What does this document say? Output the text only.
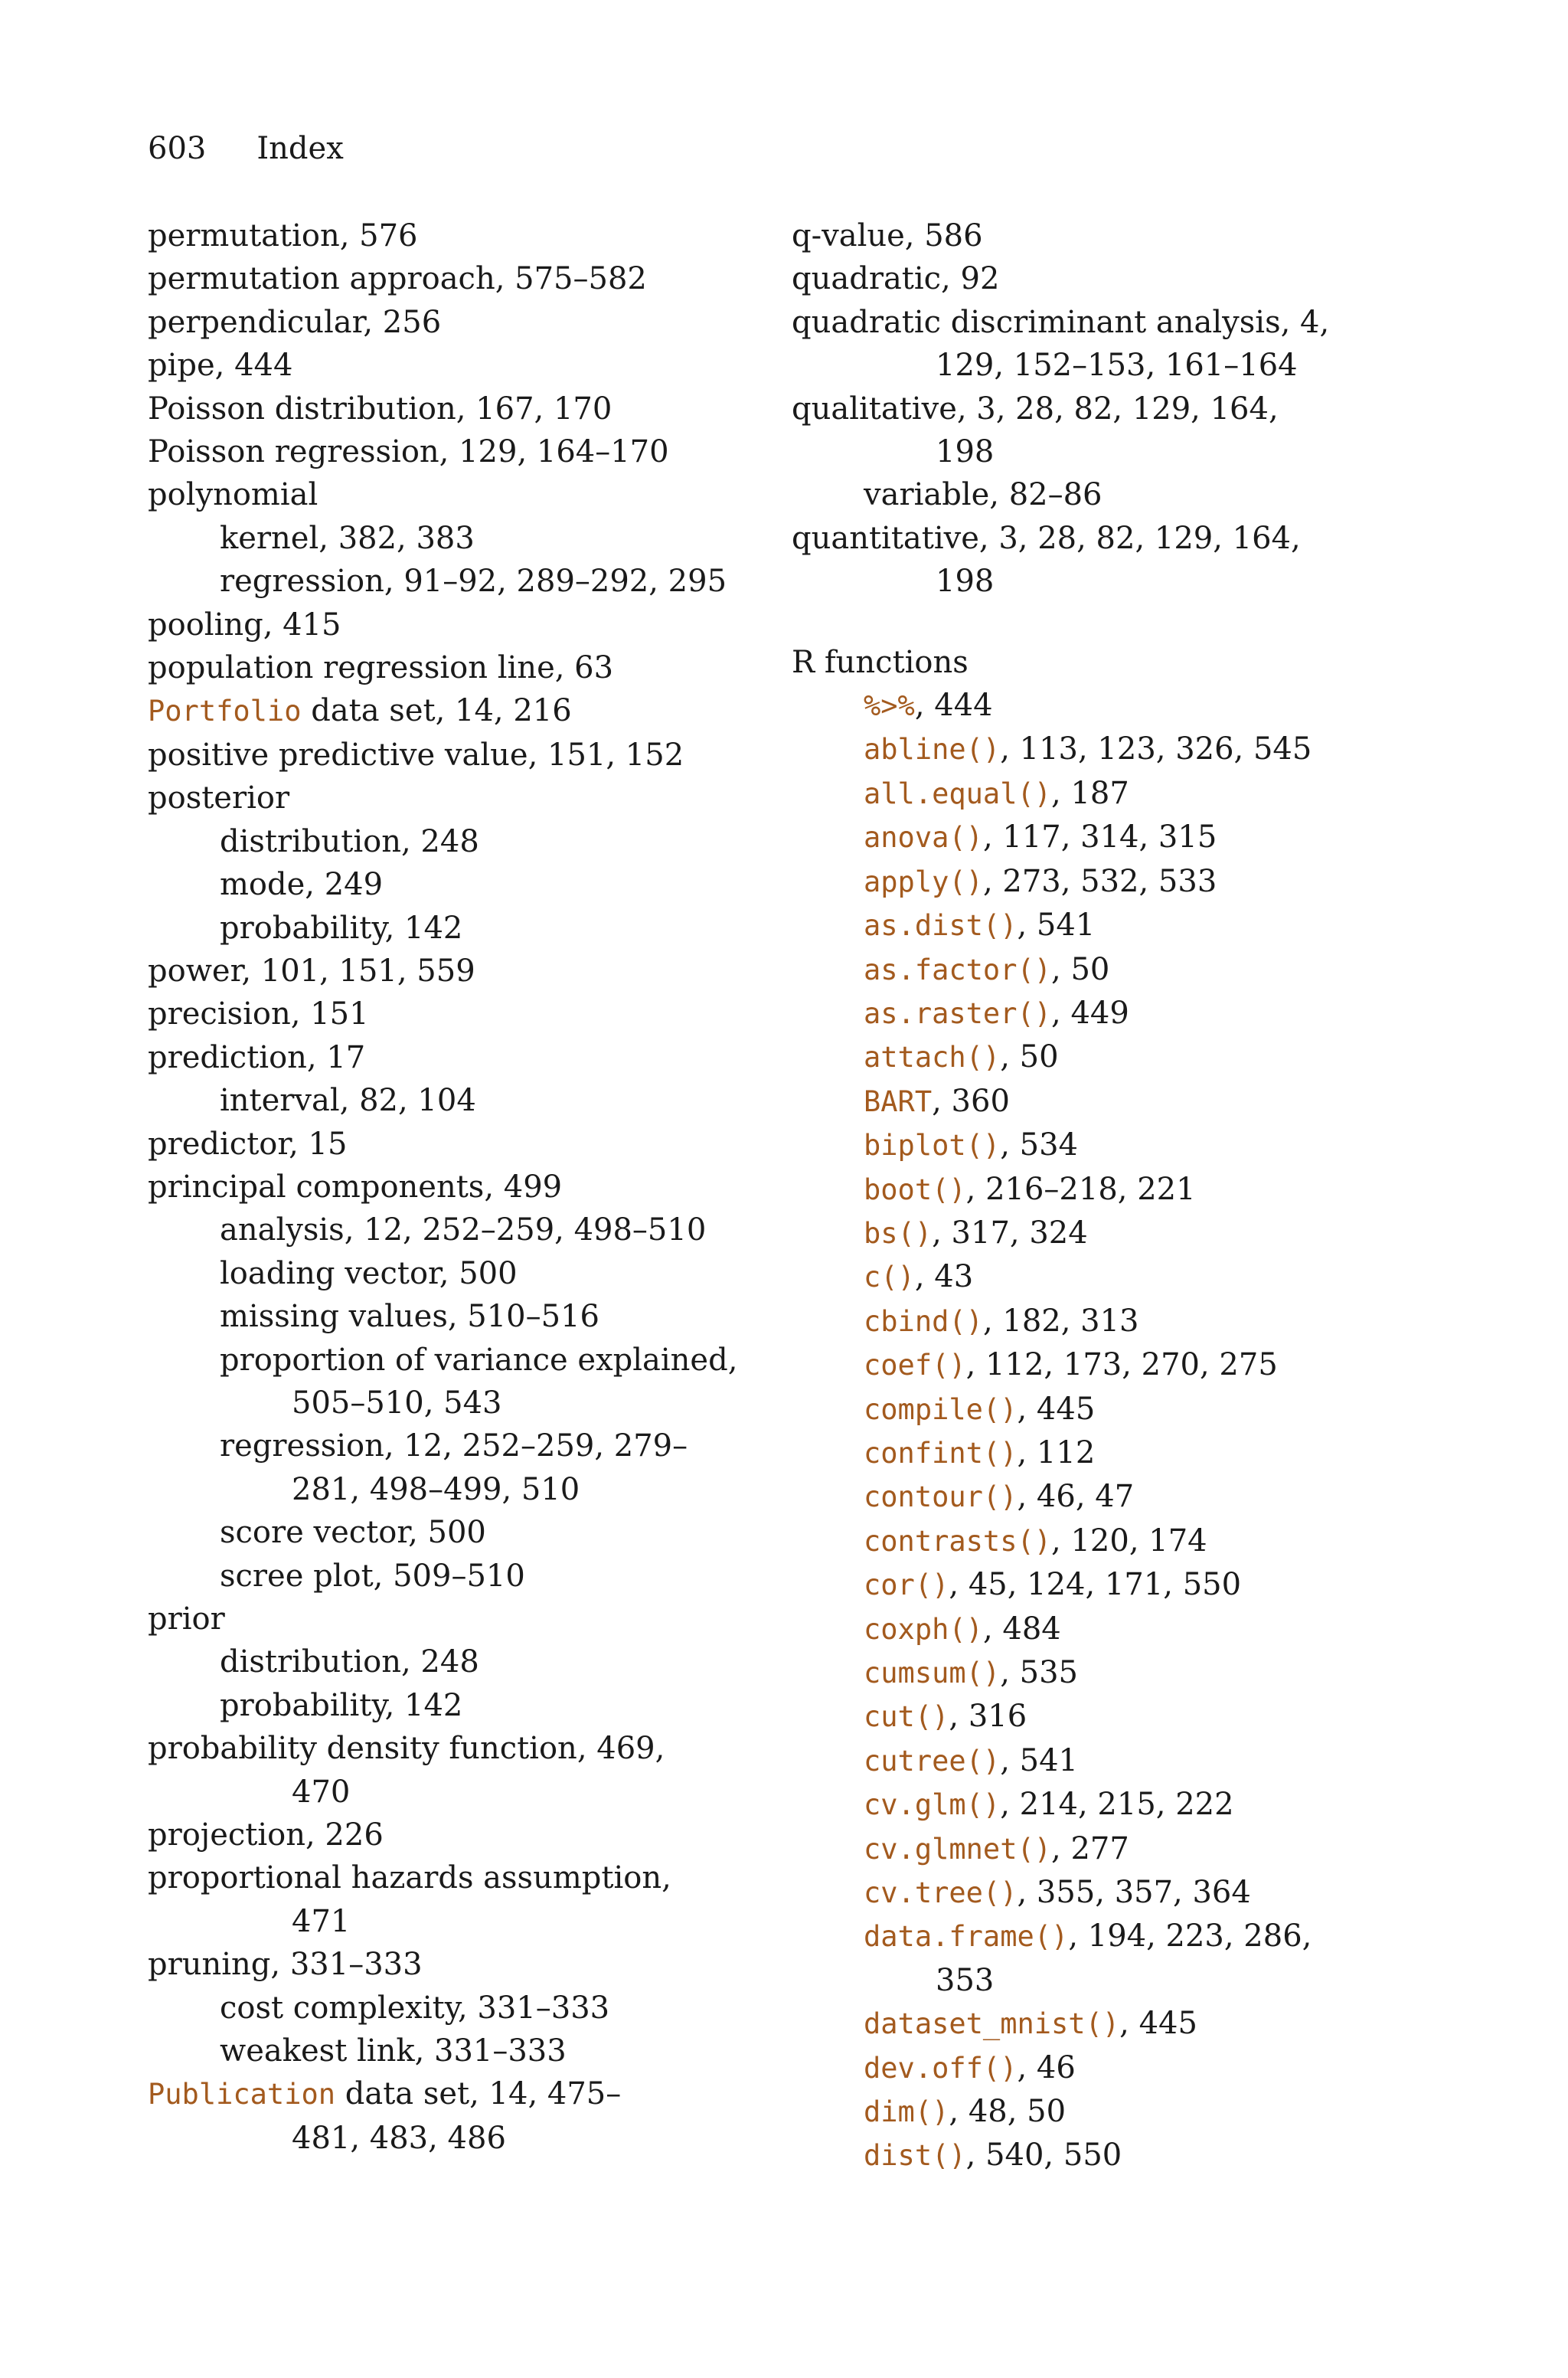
603 Index
permutation, 576
permutation approach, 575–582
perpendicular, 256
pipe, 444
Poisson distribution, 167, 170
Poisson regression, 129, 164–170
polynomial
kernel, 382, 383
regression, 91–92, 289–292, 295
pooling, 415
population regression line, 63
Portfolio data set, 14, 216
positive predictive value, 151, 152
posterior
distribution, 248
mode, 249
probability, 142
power, 101, 151, 559
precision, 151
prediction, 17
interval, 82, 104
predictor, 15
principal components, 499
analysis, 12, 252–259, 498–510
loading vector, 500
missing values, 510–516
proportion of variance explained,
505–510, 543
regression, 12, 252–259, 279–
281, 498–499, 510
score vector, 500
scree plot, 509–510
prior
distribution, 248
probability, 142
probability density function, 469,
470
projection, 226
proportional hazards assumption,
471
pruning, 331–333
cost complexity, 331–333
weakest link, 331–333
Publication data set, 14, 475–
481, 483, 486
q-value, 586
quadratic, 92
quadratic discriminant analysis, 4,
129, 152–153, 161–164
qualitative, 3, 28, 82, 129, 164,
198
variable, 82–86
quantitative, 3, 28, 82, 129, 164,
198
R functions
%>%, 444
abline(), 113, 123, 326, 545
all.equal(), 187
anova(), 117, 314, 315
apply(), 273, 532, 533
as.dist(), 541
as.factor(), 50
as.raster(), 449
attach(), 50
BART, 360
biplot(), 534
boot(), 216–218, 221
bs(), 317, 324
c(), 43
cbind(), 182, 313
coef(), 112, 173, 270, 275
compile(), 445
confint(), 112
contour(), 46, 47
contrasts(), 120, 174
cor(), 45, 124, 171, 550
coxph(), 484
cumsum(), 535
cut(), 316
cutree(), 541
cv.glm(), 214, 215, 222
cv.glmnet(), 277
cv.tree(), 355, 357, 364
data.frame(), 194, 223, 286,
353
dataset_mnist(), 445
dev.off(), 46
dim(), 48, 50
dist(), 540, 550
